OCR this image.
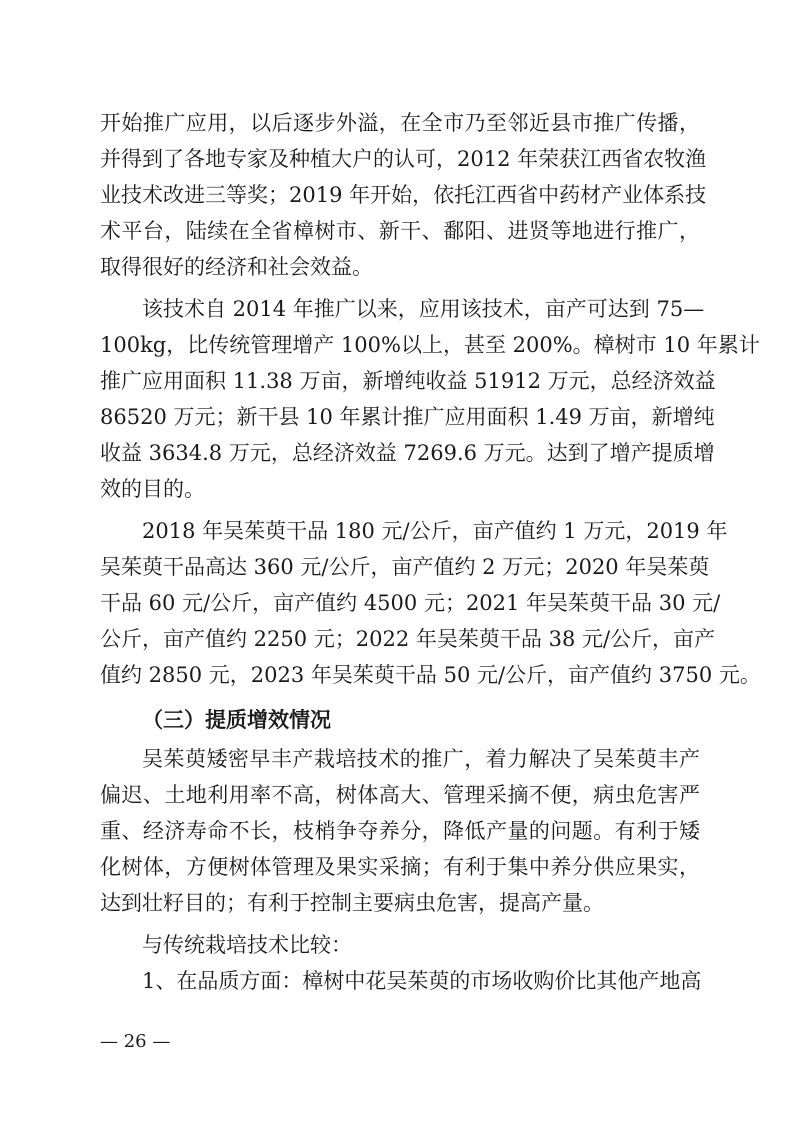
开始推广应用，以后逐步外溢，在全市乃至邻近县市推广传播，
并得到了各地专家及种植大户的认可，2012 年荣获江西省农牧渔
业技术改进三等奖；2019 年开始，依托江西省中药材产业体系技
术平台，陆续在全省樟树市、新干、鄱阳、进贤等地进行推广，
取得很好的经济和社会效益。
该技术自 2014 年推广以来，应用该技术，亩产可达到 75—
100kg，比传统管理增产 100%以上，甚至 200%。樟树市 10 年累计
推广应用面积 11.38 万亩，新增纯收益 51912 万元，总经济效益
86520 万元；新干县 10 年累计推广应用面积 1.49 万亩，新增纯
收益 3634.8 万元，总经济效益 7269.6 万元。达到了增产提质增
效的目的。
2018 年吴茱萸干品 180 元/公斤，亩产值约 1 万元，2019 年
吴茱萸干品高达 360 元/公斤，亩产值约 2 万元；2020 年吴茱萸
干品 60 元/公斤，亩产值约 4500 元；2021 年吴茱萸干品 30 元/
公斤，亩产值约 2250 元；2022 年吴茱萸干品 38 元/公斤，亩产
值约 2850 元，2023 年吴茱萸干品 50 元/公斤，亩产值约 3750 元。
（三）提质增效情况
吴茱萸矮密早丰产栽培技术的推广，着力解决了吴茱萸丰产
偏迟、土地利用率不高，树体高大、管理采摘不便，病虫危害严
重、经济寿命不长，枝梢争夺养分，降低产量的问题。有利于矮
化树体，方便树体管理及果实采摘；有利于集中养分供应果实，
达到壮籽目的；有利于控制主要病虫危害，提高产量。
与传统栽培技术比较：
1、在品质方面：樟树中花吴茱萸的市场收购价比其他产地高
— 26 —
